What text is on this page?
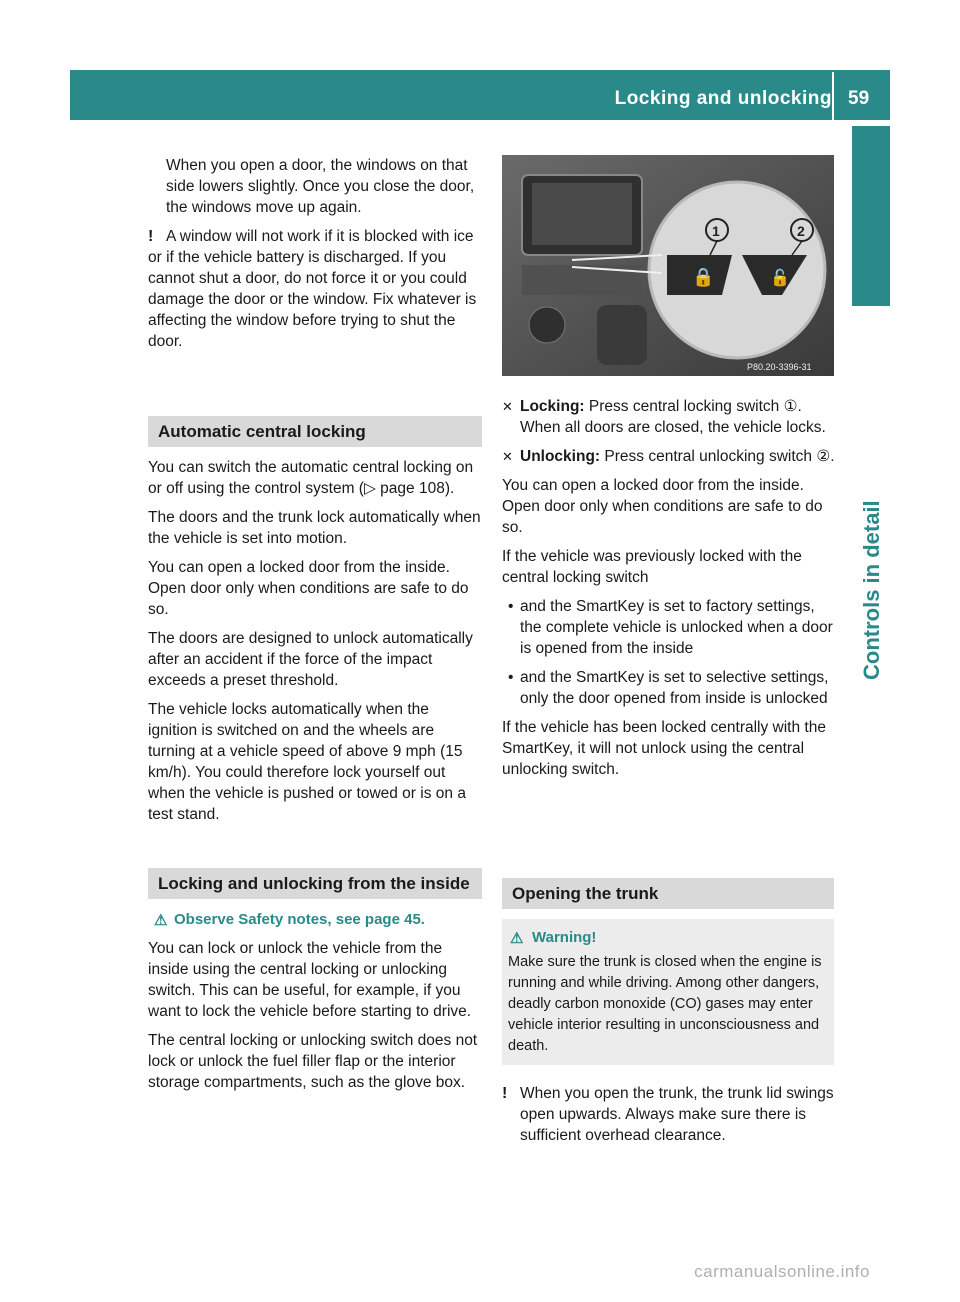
Locking and unlocking 59
Controls in detail

When you open a door, the windows on that side lowers slightly. Once you close the door, the windows move up again.

! A window will not work if it is blocked with ice or if the vehicle battery is discharged. If you cannot shut a door, do not force it or you could damage the door or the window. Fix whatever is affecting the window before trying to shut the door.

Automatic central locking

You can switch the automatic central locking on or off using the control system (▷ page 108).

The doors and the trunk lock automatically when the vehicle is set into motion.

You can open a locked door from the inside. Open door only when conditions are safe to do so.

The doors are designed to unlock automatically after an accident if the force of the impact exceeds a preset threshold.

The vehicle locks automatically when the ignition is switched on and the wheels are turning at a vehicle speed of above 9 mph (15 km/h). You could therefore lock yourself out when the vehicle is pushed or towed or is on a test stand.

Locking and unlocking from the inside
⚠ Observe Safety notes, see page 45.

You can lock or unlock the vehicle from the inside using the central locking or unlocking switch. This can be useful, for example, if you want to lock the vehicle before starting to drive.

The central locking or unlocking switch does not lock or unlock the fuel filler flap or the interior storage compartments, such as the glove box.

🔒	🔓
1	2
P80.20-3396-31
✕ Locking: Press central locking switch ①. When all doors are closed, the vehicle locks.
✕ Unlocking: Press central unlocking switch ②.

You can open a locked door from the inside. Open door only when conditions are safe to do so.

If the vehicle was previously locked with the central locking switch

• and the SmartKey is set to factory settings, the complete vehicle is unlocked when a door is opened from the inside
• and the SmartKey is set to selective settings, only the door opened from inside is unlocked

If the vehicle has been locked centrally with the SmartKey, it will not unlock using the central unlocking switch.

Opening the trunk
⚠ Warning!
Make sure the trunk is closed when the engine is running and while driving. Among other dangers, deadly carbon monoxide (CO) gases may enter vehicle interior resulting in unconsciousness and death.

! When you open the trunk, the trunk lid swings open upwards. Always make sure there is sufficient overhead clearance.

carmanualsonline.info
